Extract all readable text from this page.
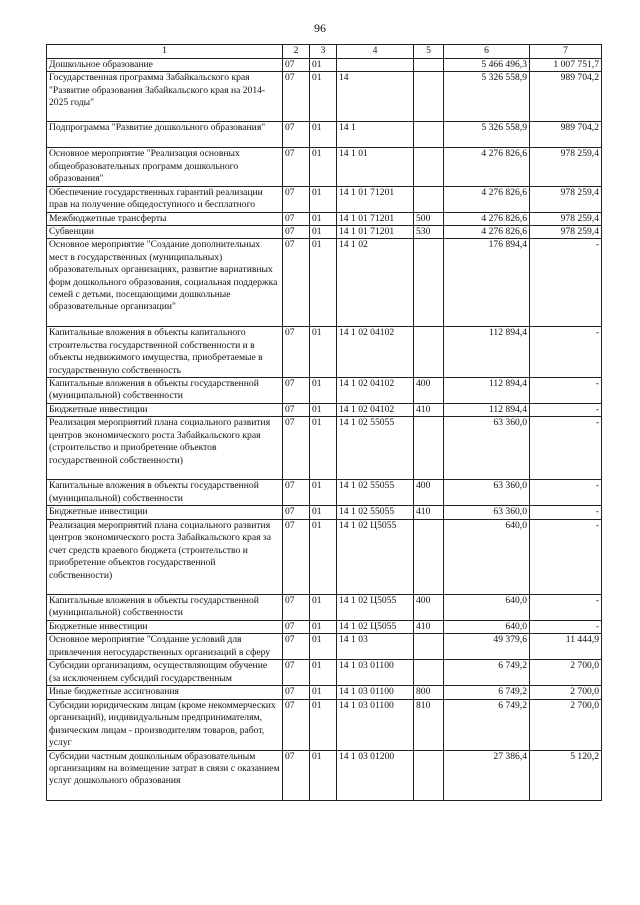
96
1	2	3	4	5	6	7
Дошкольное образование	07	01			5 466 496,3	1 007 751,7
Государственная программа Забайкальского края "Развитие образования Забайкальского края на 2014-2025 годы"	07	01	14		5 326 558,9	989 704,2
Подпрограмма "Развитие дошкольного образования"	07	01	14 1		5 326 558,9	989 704,2
Основное мероприятие "Реализация основных общеобразовательных программ дошкольного образования"	07	01	14 1 01		4 276 826,6	978 259,4
Обеспечение государственных гарантий реализации прав на получение общедоступного и бесплатного	07	01	14 1 01 71201		4 276 826,6	978 259,4
Межбюджетные трансферты	07	01	14 1 01 71201	500	4 276 826,6	978 259,4
Субвенции	07	01	14 1 01 71201	530	4 276 826,6	978 259,4
Основное мероприятие "Создание дополнительных мест в государственных (муниципальных) образовательных организациях, развитие вариативных форм дошкольного образования, социальная поддержка семей с детьми, посещающими дошкольные образовательные организации"	07	01	14 1 02		176 894,4	-
Капитальные вложения в объекты капитального строительства государственной собственности и в объекты недвижимого имущества, приобретаемые в государственную собственность	07	01	14 1 02 04102		112 894,4	-
Капитальные вложения в объекты государственной (муниципальной) собственности	07	01	14 1 02 04102	400	112 894,4	-
Бюджетные инвестиции	07	01	14 1 02 04102	410	112 894,4	-
Реализация мероприятий плана социального развития центров экономического роста Забайкальского края (строительство и приобретение объектов государственной собственности)	07	01	14 1 02 55055		63 360,0	-
Капитальные вложения в объекты государственной (муниципальной) собственности	07	01	14 1 02 55055	400	63 360,0	-
Бюджетные инвестиции	07	01	14 1 02 55055	410	63 360,0	-
Реализация мероприятий плана социального развития центров экономического роста Забайкальского края за счет средств краевого бюджета (строительство и приобретение объектов государственной собственности)	07	01	14 1 02 Ц5055		640,0	-
Капитальные вложения в объекты государственной (муниципальной) собственности	07	01	14 1 02 Ц5055	400	640,0	-
Бюджетные инвестиции	07	01	14 1 02 Ц5055	410	640,0	-
Основное мероприятие "Создание условий для привлечения негосударственных организаций в сферу	07	01	14 1 03		49 379,6	11 444,9
Субсидии организациям, осуществляющим обучение (за исключением субсидий государственным	07	01	14 1 03 01100		6 749,2	2 700,0
Иные бюджетные ассигнования	07	01	14 1 03 01100	800	6 749,2	2 700,0
Субсидии юридическим лицам (кроме некоммерческих организаций), индивидуальным предпринимателям, физическим лицам - производителям товаров, работ, услуг	07	01	14 1 03 01100	810	6 749,2	2 700,0
Субсидии частным дошкольным образовательным организациям на возмещение затрат в связи с оказанием услуг дошкольного образования	07	01	14 1 03 01200		27 386,4	5 120,2
